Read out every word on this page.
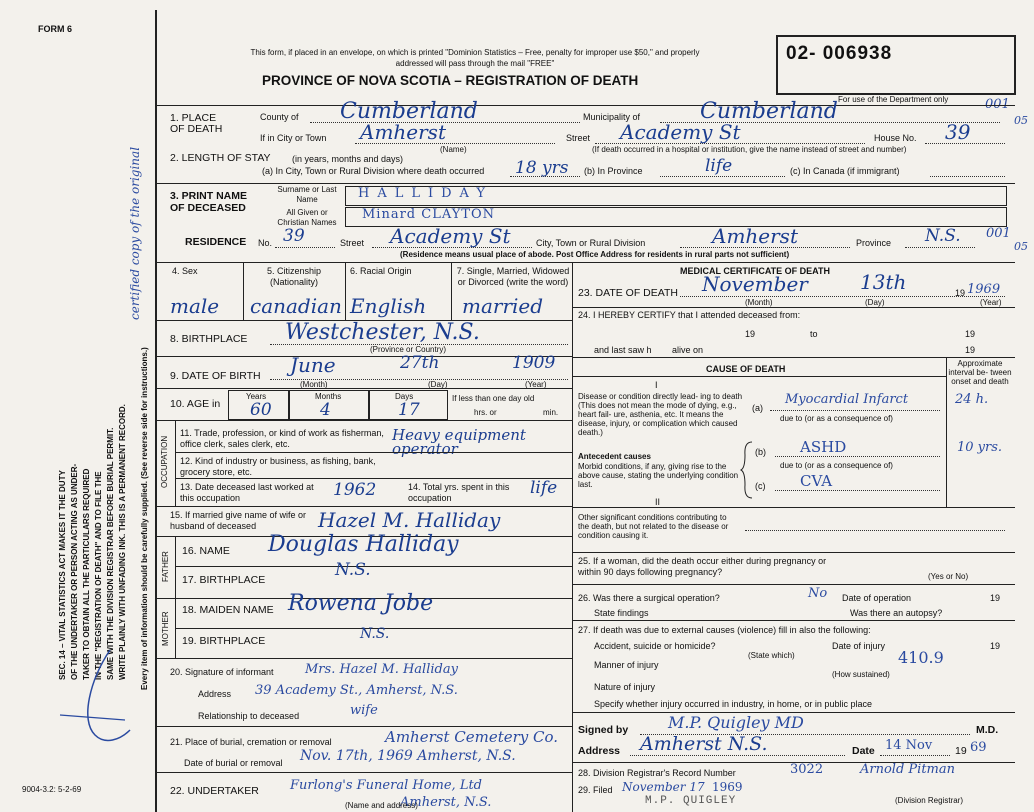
FORM 6
This form, if placed in an envelope, on which is printed "Dominion Statistics – Free, penalty for improper use $50," and properly addressed will pass through the mail "FREE"
PROVINCE OF NOVA SCOTIA – REGISTRATION OF DEATH
02- 006938
For use of the Department only	001
05
SEC. 14 – VITAL STATISTICS ACT MAKES IT THE DUTY OF THE UNDERTAKER OR PERSON ACTING AS UNDER- TAKER TO OBTAIN ALL THE PARTICULARS REQUIRED IN THE "REGISTRATION OF DEATH" AND TO FILE THE SAME WITH THE DIVISION REGISTRAR BEFORE BURIAL PERMIT. WRITE PLAINLY WITH UNFADING INK. THIS IS A PERMANENT RECORD. Every item of information should be carefully supplied. (See reverse side for instructions.)
certified copy of the original
1. PLACE OF DEATH
County of Cumberland	Municipality of	Cumberland
If in City or Town Amherst
(Name)
Street Academy St	House No. 39
(If death occurred in a hospital or institution, give the name instead of street and number)
2. LENGTH OF STAY (in years, months and days)
(a) In City, Town or Rural Division where death occurred 18 yrs (b) In Province	life	(c) In Canada (if immigrant)
3. PRINT NAME OF DECEASED
Surname or Last Name
All Given or Christian Names
HALLIDAY
Minard CLAYTON
RESIDENCE No. 39	Street Academy St	City, Town or Rural Division	Amherst	Province N.S. 001
05
(Residence means usual place of abode. Post Office Address for residents in rural parts not sufficient)
4. Sex	5. Citizenship (Nationality)
6. Racial Origin	7. Single, Married, Widowed or Divorced (write the word)
male canadian English married
8. BIRTHPLACE Westchester, N.S.
(Province or Country)
9. DATE OF BIRTH June	27th	1909
(Month)	(Day)	(Year)
10. AGE in
Years	Months	Days
60	4	17
If less than one day old
hrs. or	min.
OCCUPATION
11. Trade, profession, or kind of work as fisherman, office clerk, sales clerk, etc.	Heavy equipment operator
12. Kind of industry or business, as fishing, bank, grocery store, etc.
13. Date deceased last worked at this occupation	1962	14. Total yrs. spent in this occupation	life
15. If married give name of wife or husband of deceased	Hazel M. Halliday
FATHER
16. NAME Douglas Halliday
17. BIRTHPLACE	N.S.
MOTHER
18. MAIDEN NAME Rowena Jobe
19. BIRTHPLACE	N.S.
20. Signature of informant Mrs. Hazel M. Halliday
Address 39 Academy St., Amherst, N.S.
Relationship to deceased	wife
21. Place of burial, cremation or removal	Amherst Cemetery Co.
Date of burial or removal Nov. 17th, 1969 Amherst, N.S.
22. UNDERTAKER Furlong's Funeral Home, Ltd
Amherst, N.S.
(Name and address)
9004-3.2: 5-2-69
MEDICAL CERTIFICATE OF DEATH
23. DATE OF DEATH November	13th	19 1969
(Month)	(Day)	(Year)
24. I HEREBY CERTIFY that I attended deceased from:
19	to	19
and last saw h alive on	19
CAUSE OF DEATH
Approximate interval be- tween onset and death
I
Disease or condition directly lead- ing to death (This does not mean the mode of dying, e.g., heart fail- ure, asthenia, etc. It means the disease, injury, or complication which caused death.)
(a)
Myocardial Infarct	24 h.
due to (or as a consequence of)
Antecedent causes
Morbid conditions, if any, giving rise to the above cause, stating the underlying condition last.
(b) ASHD	10 yrs.
due to (or as a consequence of)
(c) CVA
II
Other significant conditions contributing to the death, but not related to the disease or condition causing it.
25. If a woman, did the death occur either during pregnancy or within 90 days following pregnancy?	(Yes or No)
26. Was there a surgical operation?	No Date of operation	19
State findings	Was there an autopsy?
27. If death was due to external causes (violence) fill in also the following:
Accident, suicide or homicide?
(State which)
Date of injury	19
410.9
Manner of injury
(How sustained)
Nature of injury
Specify whether injury occurred in industry, in home, or in public place
Signed by M.P. Quigley MD	M.D.
Address Amherst N.S.	Date 14 Nov 19 69
28. Division Registrar's Record Number	3022	Arnold Pitman
29. Filed November 17 1969
(Division Registrar)
M.P. QUIGLEY
